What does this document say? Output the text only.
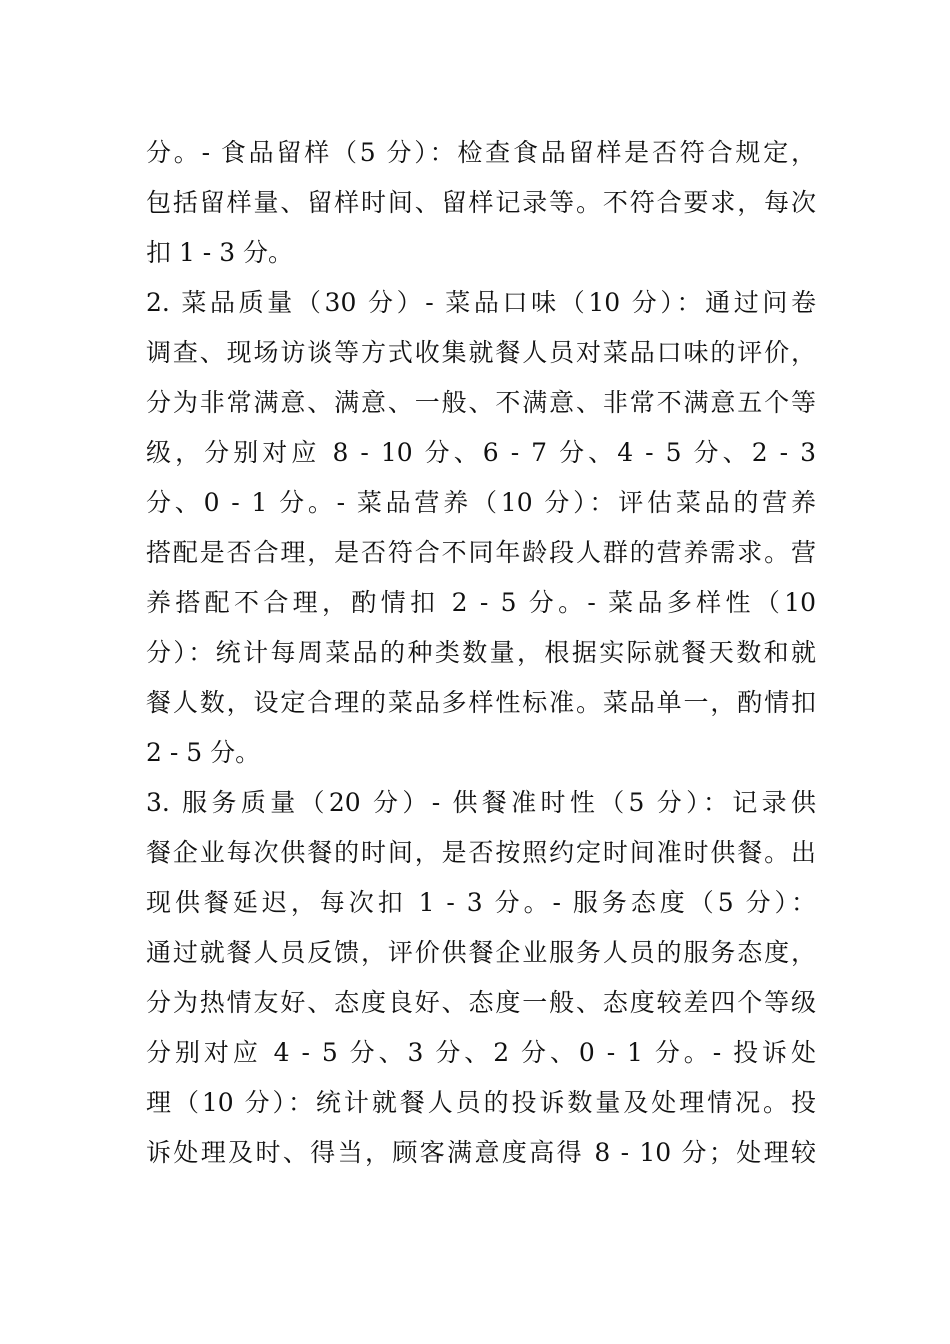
分。- 食品留样（5 分）：检查食品留样是否符合规定，
包括留样量、留样时间、留样记录等。不符合要求，每次
扣 1 - 3 分。
2. 菜品质量（30 分）- 菜品口味（10 分）：通过问卷
调查、现场访谈等方式收集就餐人员对菜品口味的评价，
分为非常满意、满意、一般、不满意、非常不满意五个等
级，分别对应 8 - 10 分、6 - 7 分、4 - 5 分、2 - 3
分、0 - 1 分。- 菜品营养（10 分）：评估菜品的营养
搭配是否合理，是否符合不同年龄段人群的营养需求。营
养搭配不合理，酌情扣 2 - 5 分。- 菜品多样性（10
分）：统计每周菜品的种类数量，根据实际就餐天数和就
餐人数，设定合理的菜品多样性标准。菜品单一，酌情扣
2 - 5 分。
3. 服务质量（20 分）- 供餐准时性（5 分）：记录供
餐企业每次供餐的时间，是否按照约定时间准时供餐。出
现供餐延迟，每次扣 1 - 3 分。- 服务态度（5 分）：
通过就餐人员反馈，评价供餐企业服务人员的服务态度，
分为热情友好、态度良好、态度一般、态度较差四个等级
分别对应 4 - 5 分、3 分、2 分、0 - 1 分。- 投诉处
理（10 分）：统计就餐人员的投诉数量及处理情况。投
诉处理及时、得当，顾客满意度高得 8 - 10 分；处理较
